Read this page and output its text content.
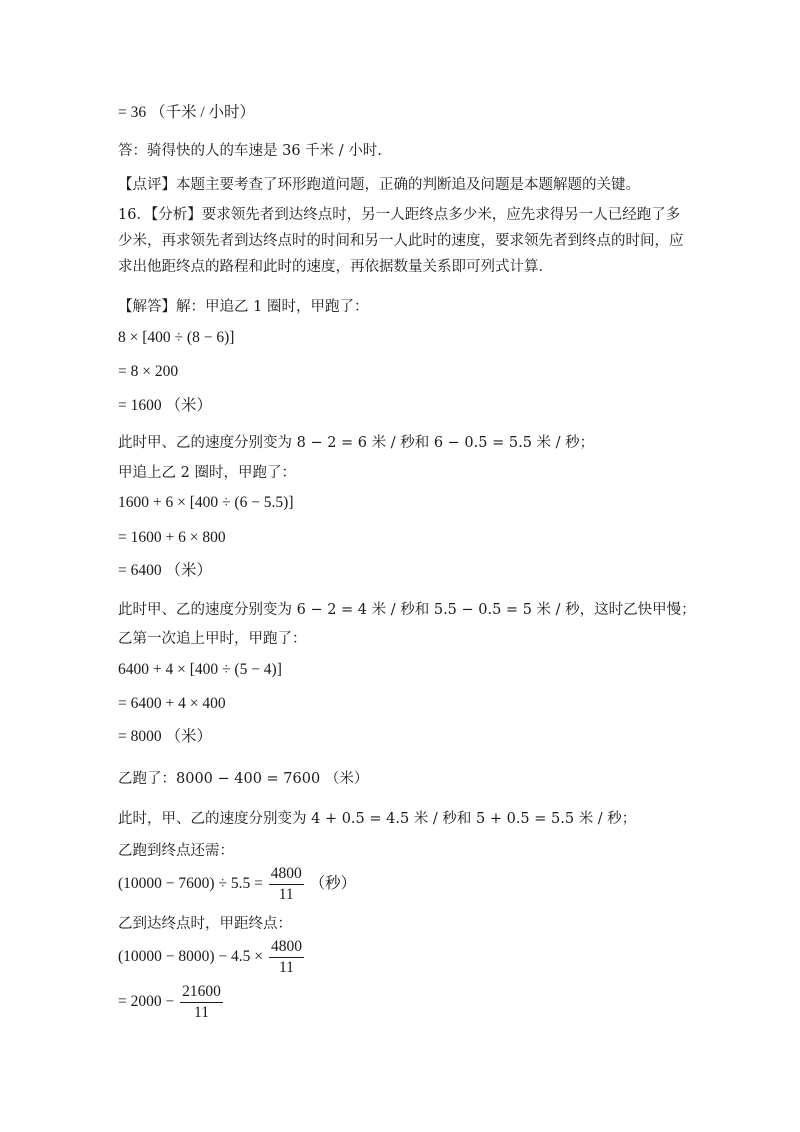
= 36 （千米 / 小时）
答：骑得快的人的车速是 36 千米 / 小时.
【点评】本题主要考查了环形跑道问题，正确的判断追及问题是本题解题的关键。
16．【分析】要求领先者到达终点时，另一人距终点多少米，应先求得另一人已经跑了多少米，再求领先者到达终点时的时间和另一人此时的速度，要求领先者到终点的时间，应求出他距终点的路程和此时的速度，再依据数量关系即可列式计算．
【解答】解：甲追乙 1 圈时，甲跑了：
8 × [400 ÷ (8 − 6)]
= 8 × 200
= 1600 （米）
此时甲、乙的速度分别变为 8 − 2 = 6 米 / 秒和 6 − 0.5 = 5.5 米 / 秒；
甲追上乙 2 圈时，甲跑了：
1600 + 6 × [400 ÷ (6 − 5.5)]
= 1600 + 6 × 800
= 6400 （米）
此时甲、乙的速度分别变为 6 − 2 = 4 米 / 秒和 5.5 − 0.5 = 5 米 / 秒，这时乙快甲慢；
乙第一次追上甲时，甲跑了：
6400 + 4 × [400 ÷ (5 − 4)]
= 6400 + 4 × 400
= 8000 （米）
乙跑了：8000 − 400 = 7600 （米）
此时，甲、乙的速度分别变为 4 + 0.5 = 4.5 米 / 秒和 5 + 0.5 = 5.5 米 / 秒；
乙跑到终点还需：
$(10000 - 7600) \div 5.5 = \frac{4800}{11}$ （秒）
乙到达终点时，甲距终点：
$(10000 - 8000) - 4.5 \times \frac{4800}{11}$
= $2000 - \frac{21600}{11}$
